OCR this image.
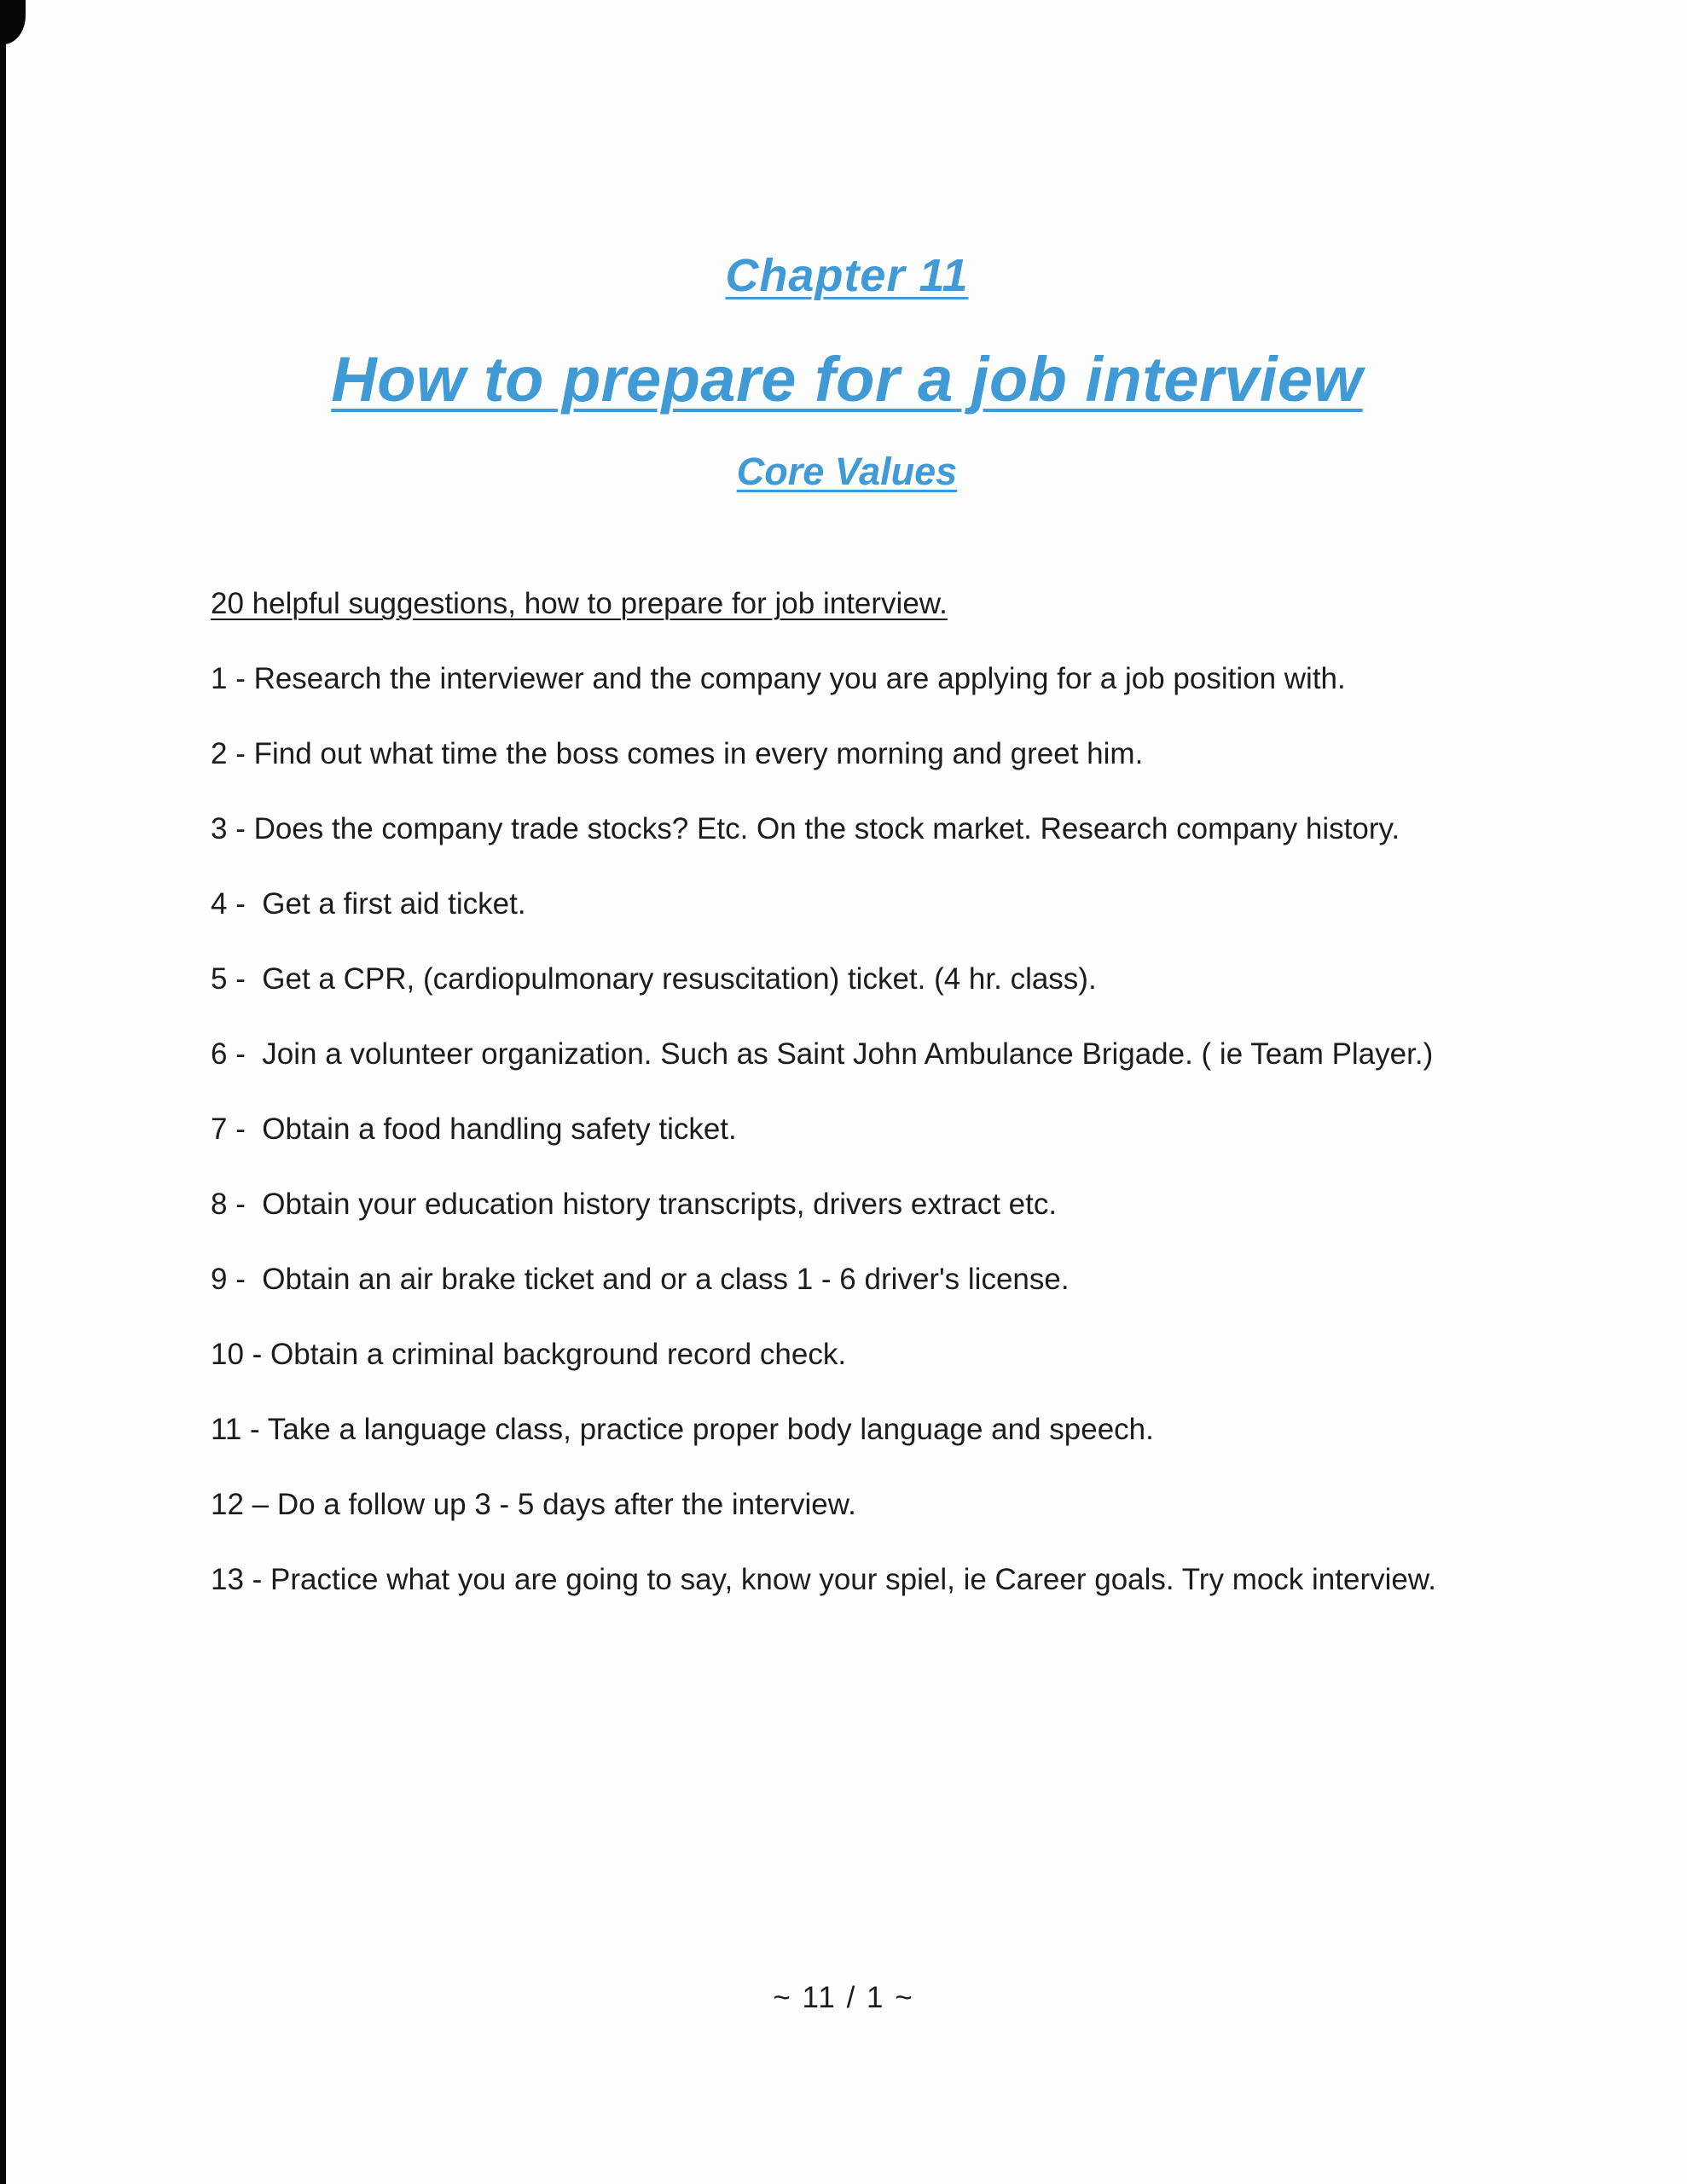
Chapter 11
How to prepare for a job interview
Core Values

20 helpful suggestions, how to prepare for job interview.

1 - Research the interviewer and the company you are applying for a job position with.

2 - Find out what time the boss comes in every morning and greet him.

3 - Does the company trade stocks? Etc. On the stock market. Research company history.

4 -  Get a first aid ticket.

5 -  Get a CPR, (cardiopulmonary resuscitation) ticket. (4 hr. class).

6 -  Join a volunteer organization. Such as Saint John Ambulance Brigade. ( ie Team Player.)

7 -  Obtain a food handling safety ticket.

8 -  Obtain your education history transcripts, drivers extract etc.

9 -  Obtain an air brake ticket and or a class 1 - 6 driver's license.

10 - Obtain a criminal background record check.

11 - Take a language class, practice proper body language and speech.

12 – Do a follow up 3 - 5 days after the interview.

13 - Practice what you are going to say, know your spiel, ie Career goals. Try mock interview.

~ 11 / 1 ~
